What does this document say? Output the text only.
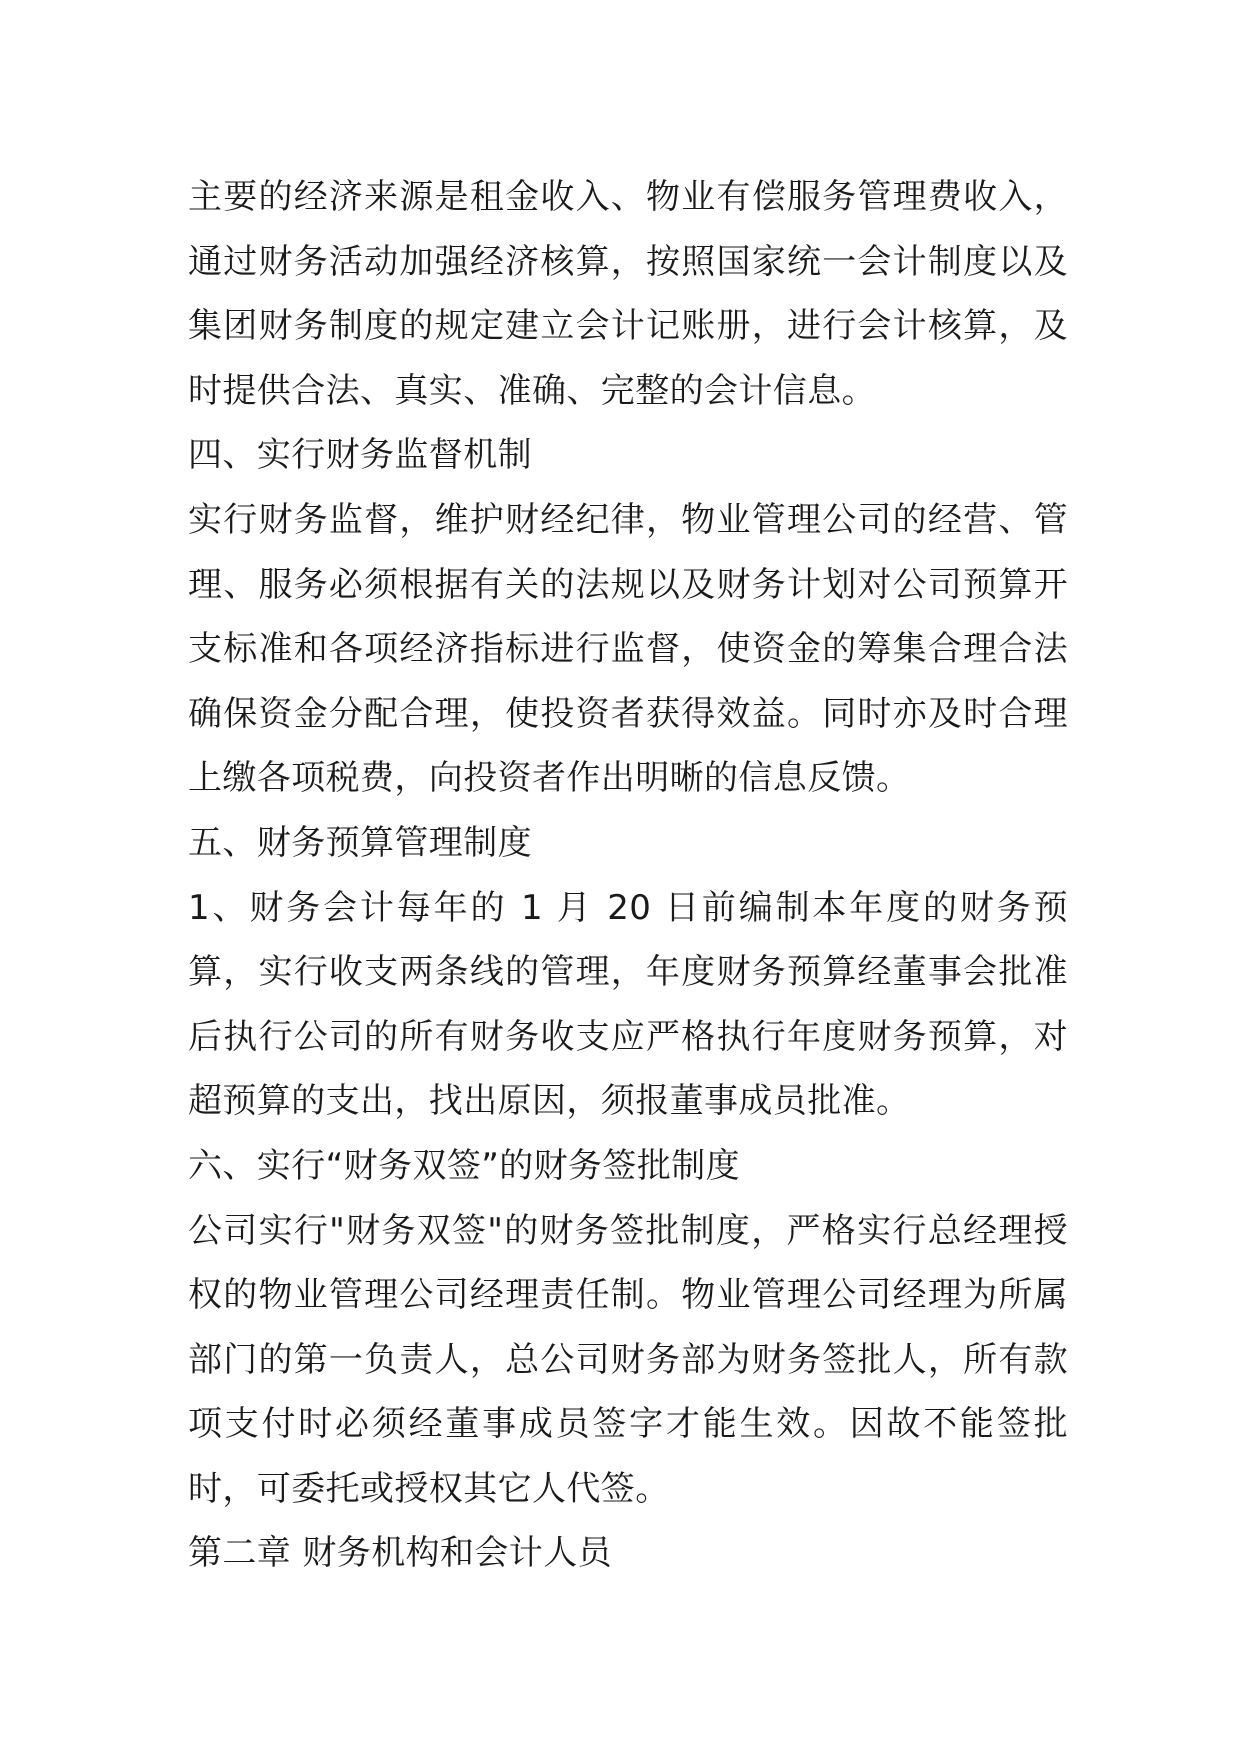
主要的经济来源是租金收入、物业有偿服务管理费收入，通过财务活动加强经济核算，按照国家统一会计制度以及集团财务制度的规定建立会计记账册，进行会计核算，及时提供合法、真实、准确、完整的会计信息。

四、实行财务监督机制

实行财务监督，维护财经纪律，物业管理公司的经营、管理、服务必须根据有关的法规以及财务计划对公司预算开支标准和各项经济指标进行监督，使资金的筹集合理合法确保资金分配合理，使投资者获得效益。同时亦及时合理上缴各项税费，向投资者作出明晰的信息反馈。

五、财务预算管理制度

1、财务会计每年的 1 月 20 日前编制本年度的财务预算，实行收支两条线的管理，年度财务预算经董事会批准后执行公司的所有财务收支应严格执行年度财务预算，对超预算的支出，找出原因，须报董事成员批准。

六、实行“财务双签”的财务签批制度

公司实行"财务双签"的财务签批制度，严格实行总经理授权的物业管理公司经理责任制。物业管理公司经理为所属部门的第一负责人，总公司财务部为财务签批人，所有款项支付时必须经董事成员签字才能生效。因故不能签批时，可委托或授权其它人代签。

第二章 财务机构和会计人员
